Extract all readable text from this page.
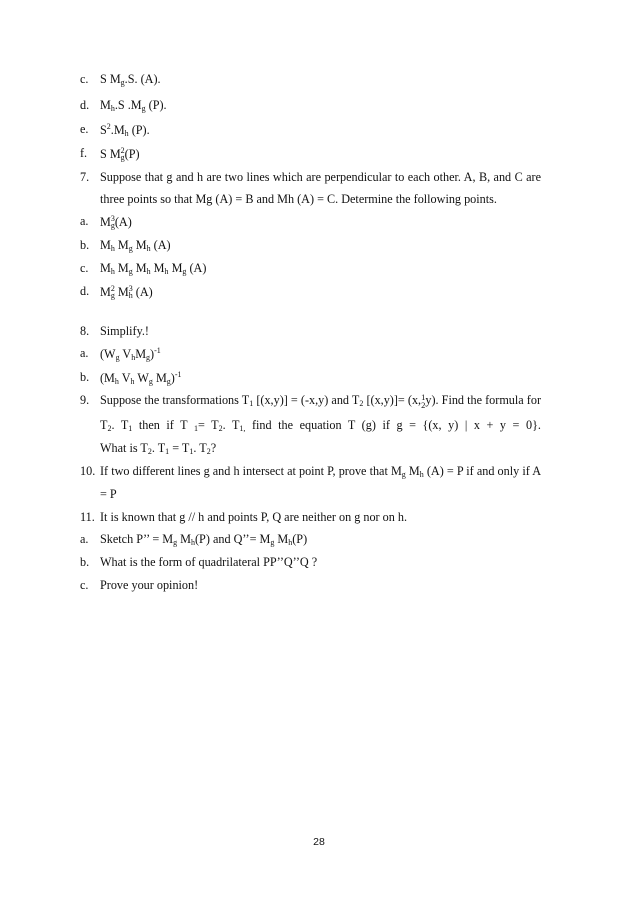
c. S $M_g.S$. (A).
d. $M_h.S$ $.M_g$ (P).
e. $S^2.M_h$ (P).
f. S $M_g^2(P)$
7. Suppose that g and h are two lines which are perpendicular to each other. A, B, and C are
three points so that Mg (A) = B and Mh (A) = C. Determine the following points.
a. $M_g^3(A)$
b. $M_h$ $M_g$ $M_h$ (A)
c. $M_h$ $M_g$ $M_h$ $M_h$ $M_g$ (A)
d. $M_g^2$ $M_h^3$ (A)
8. Simplify.!
a. ($W_g$ $V_hM_g)^{-1}$
b. ($M_h$ $V_h$ $W_g$ $M_g)^{-1}$
9. Suppose the transformations $T_1$ [(x,y)] = (-x,y) and $T_2$ [(x,y)]= (x, 1
2 y). Find the formula for
$T_2$. $T_1$ then if T $_1= T_2$. $T_{1,}$ find the equation T (g) if g = {(x, y) | x + y = 0}.
What is $T_2$. $T_1 = T_1$. $T_2$?
10. If two different lines g and h intersect at point P, prove that $M_g$ $M_h$ (A) = P if and only if A
= P
11. It is known that g // h and points P, Q are neither on g nor on h.
a. Sketch P’’ = $M_g$ $M_h(P)$ and Q’’= $M_g$ $M_h(P)$
b. What is the form of quadrilateral PP’’Q’’Q ?
c. Prove your opinion!
28
